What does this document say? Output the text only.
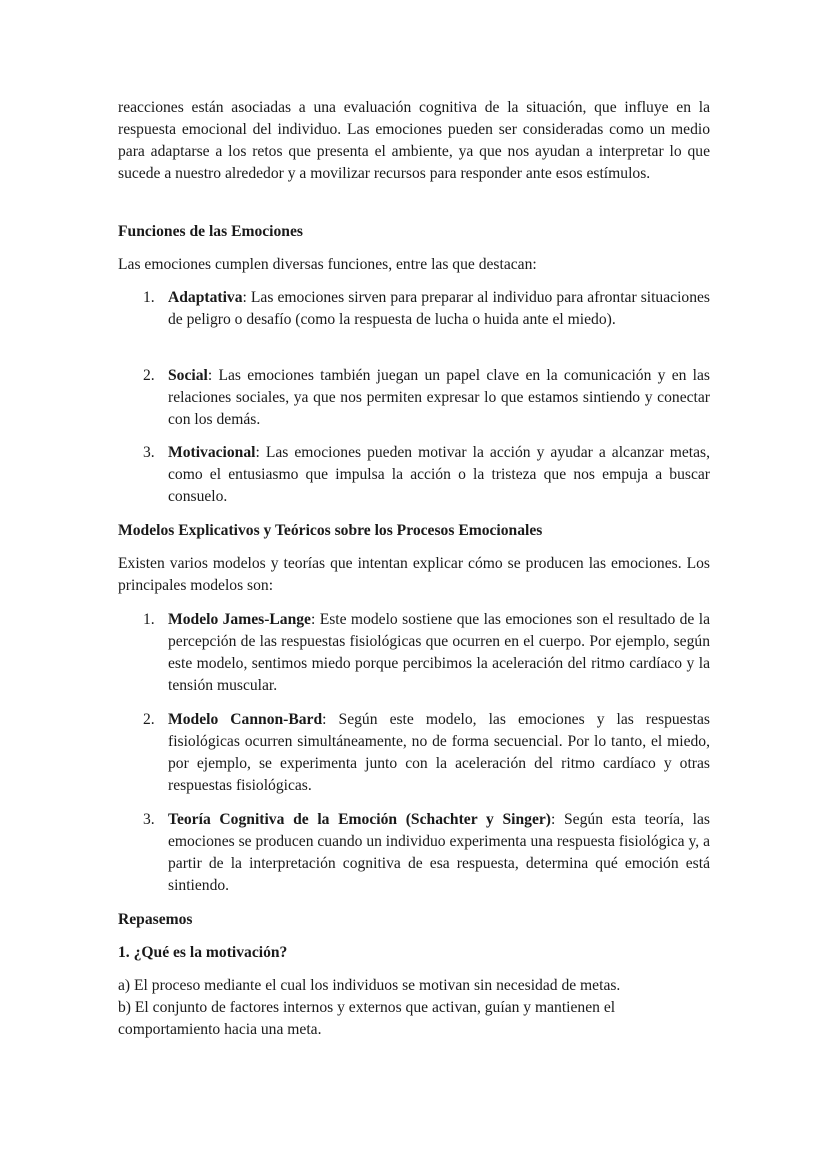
reacciones están asociadas a una evaluación cognitiva de la situación, que influye en la respuesta emocional del individuo. Las emociones pueden ser consideradas como un medio para adaptarse a los retos que presenta el ambiente, ya que nos ayudan a interpretar lo que sucede a nuestro alrededor y a movilizar recursos para responder ante esos estímulos.

Funciones de las Emociones

Las emociones cumplen diversas funciones, entre las que destacan:

1. Adaptativa: Las emociones sirven para preparar al individuo para afrontar situaciones de peligro o desafío (como la respuesta de lucha o huida ante el miedo).

2. Social: Las emociones también juegan un papel clave en la comunicación y en las relaciones sociales, ya que nos permiten expresar lo que estamos sintiendo y conectar con los demás.

3. Motivacional: Las emociones pueden motivar la acción y ayudar a alcanzar metas, como el entusiasmo que impulsa la acción o la tristeza que nos empuja a buscar consuelo.

Modelos Explicativos y Teóricos sobre los Procesos Emocionales

Existen varios modelos y teorías que intentan explicar cómo se producen las emociones. Los principales modelos son:

1. Modelo James-Lange: Este modelo sostiene que las emociones son el resultado de la percepción de las respuestas fisiológicas que ocurren en el cuerpo. Por ejemplo, según este modelo, sentimos miedo porque percibimos la aceleración del ritmo cardíaco y la tensión muscular.

2. Modelo Cannon-Bard: Según este modelo, las emociones y las respuestas fisiológicas ocurren simultáneamente, no de forma secuencial. Por lo tanto, el miedo, por ejemplo, se experimenta junto con la aceleración del ritmo cardíaco y otras respuestas fisiológicas.

3. Teoría Cognitiva de la Emoción (Schachter y Singer): Según esta teoría, las emociones se producen cuando un individuo experimenta una respuesta fisiológica y, a partir de la interpretación cognitiva de esa respuesta, determina qué emoción está sintiendo.

Repasemos

1. ¿Qué es la motivación?

a) El proceso mediante el cual los individuos se motivan sin necesidad de metas.

b) El conjunto de factores internos y externos que activan, guían y mantienen el comportamiento hacia una meta.
